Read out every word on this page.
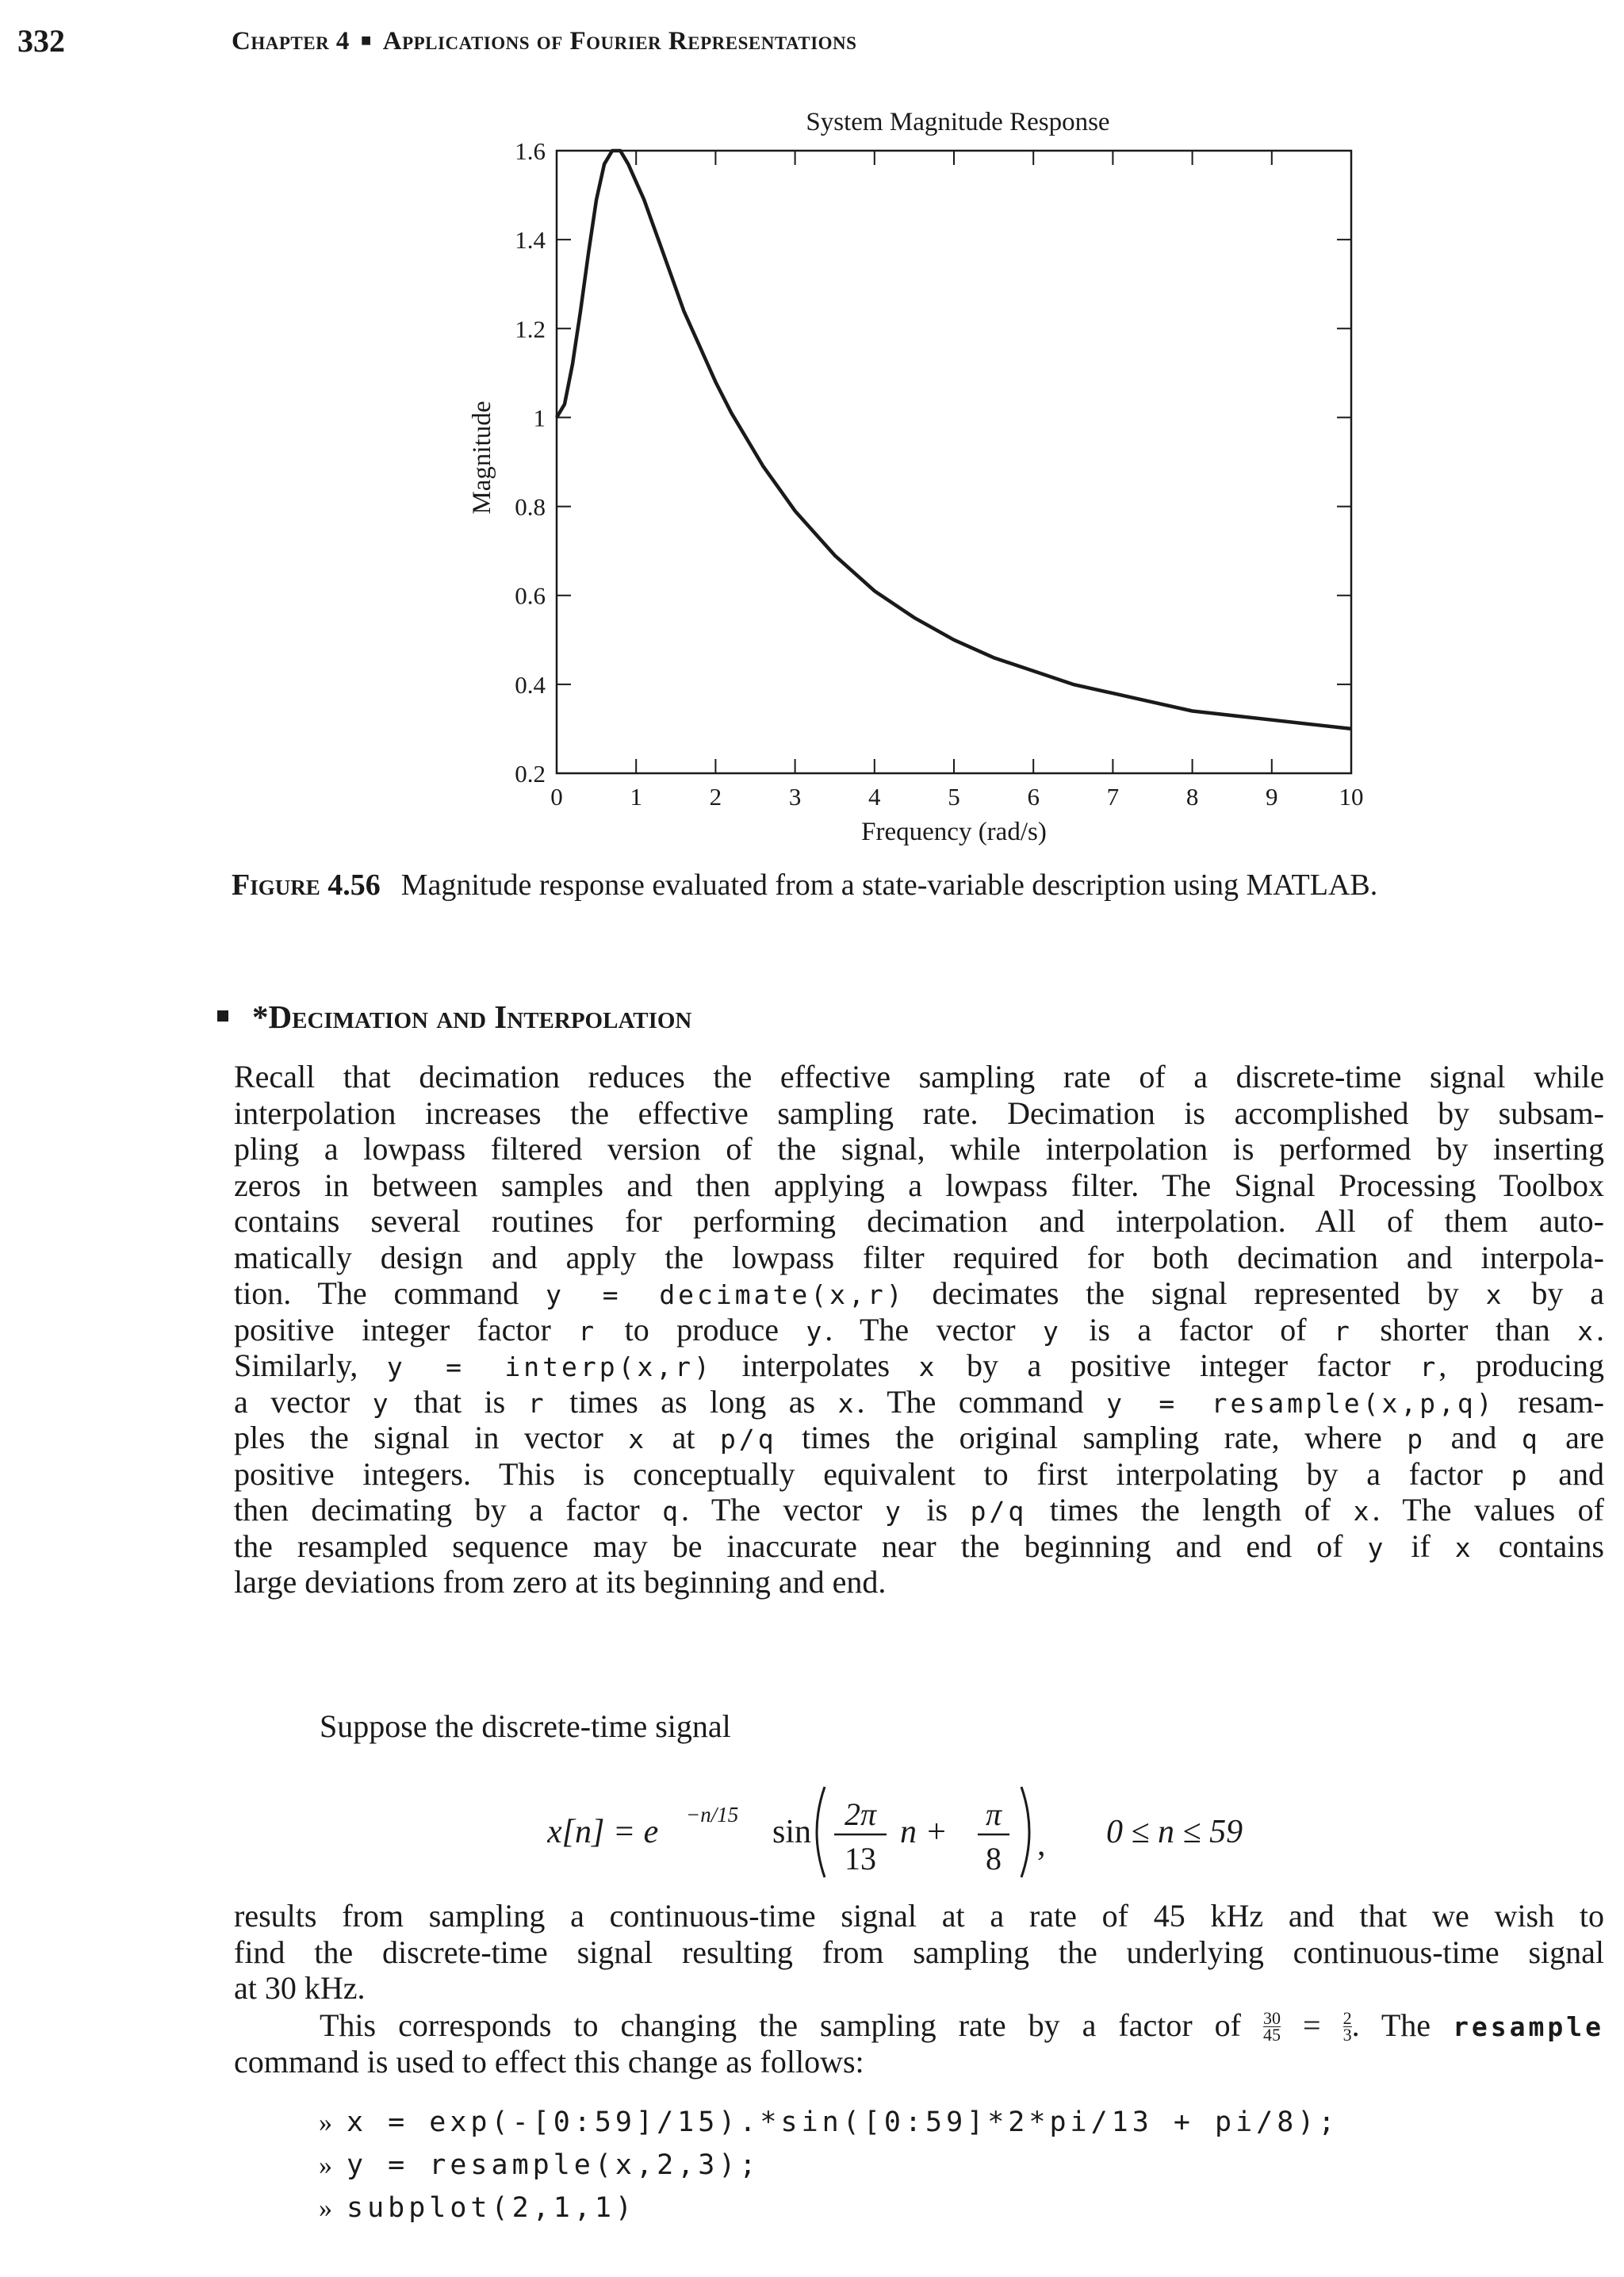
332	Chapter 4 ■ Applications of Fourier Representations
System Magnitude Response
0	1	2	3	4	5	6	7	8	9 10
0.2
0.4
0.6
0.8
1
1.2
1.4
1.6
Frequency (rad/s)
Magnitude
Figure 4.56 Magnitude response evaluated from a state-variable description using MATLAB.
*Decimation and Interpolation
Recall that decimation reduces the effective sampling rate of a discrete-time signal while
interpolation increases the effective sampling rate. Decimation is accomplished by subsam-
pling a lowpass filtered version of the signal, while interpolation is performed by inserting
zeros in between samples and then applying a lowpass filter. The Signal Processing Toolbox
contains several routines for performing decimation and interpolation. All of them auto-
matically design and apply the lowpass filter required for both decimation and interpola-
tion. The command y = decimate(x,r) decimates the signal represented by x by a
positive integer factor r to produce y. The vector y is a factor of r shorter than x.
Similarly, y = interp(x,r) interpolates x by a positive integer factor r, producing
a vector y that is r times as long as x. The command y = resample(x,p,q) resam-
ples the signal in vector x at p/q times the original sampling rate, where p and q are
positive integers. This is conceptually equivalent to first interpolating by a factor p and
then decimating by a factor q. The vector y is p/q times the length of x. The values of
the resampled sequence may be inaccurate near the beginning and end of y if x contains
large deviations from zero at its beginning and end.
Suppose the discrete-time signal
x[n] = e −n/15 sin 2π
13
n + π
8 , 0 ≤ n ≤ 59
results from sampling a continuous-time signal at a rate of 45 kHz and that we wish to
find the discrete-time signal resulting from sampling the underlying continuous-time signal
at 30 kHz.
This corresponds to changing the sampling rate by a factor of $\frac{30}{45} = \frac{2}{3}$ . The resample
command is used to effect this change as follows:
» x = exp(-[0:59]/15).*sin([0:59]*2*pi/13 + pi/8);
» y = resample(x,2,3);
» subplot(2,1,1)
